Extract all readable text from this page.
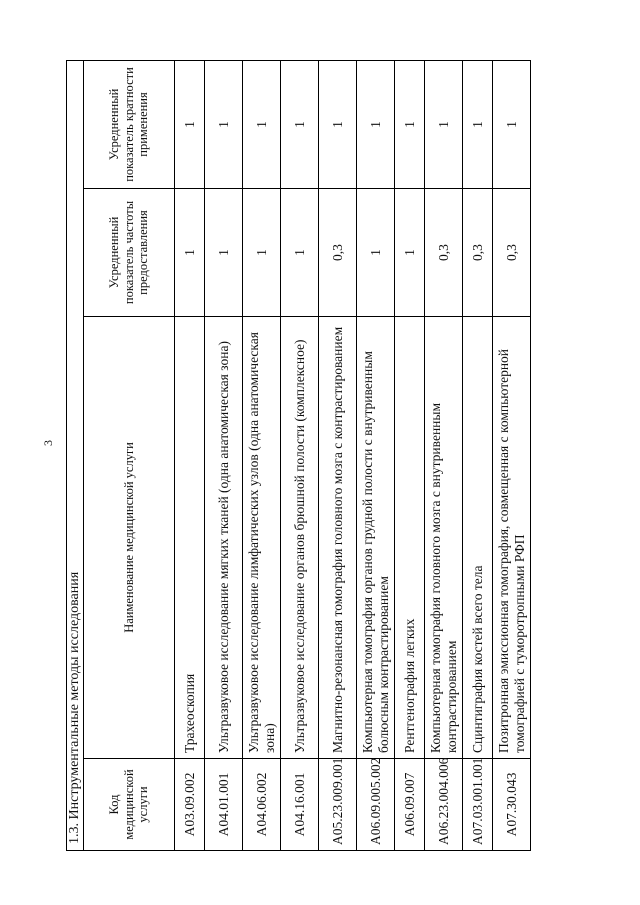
3
1.3. Инструментальные методы исследования			
Код медицинской услуги	Наименование медицинской услуги	Усредненный показатель частоты предоставления	Усредненный показатель кратности применения
A03.09.002	Трахеоскопия	1	1
A04.01.001	Ультразвуковое исследование мягких тканей (одна анатомическая зона)	1	1
A04.06.002	Ультразвуковое исследование лимфатических узлов (одна анатомическая зона)	1	1
A04.16.001	Ультразвуковое исследование органов брюшной полости (комплексное)	1	1
A05.23.009.001	Магнитно-резонансная томография головного мозга с контрастированием	0,3	1
A06.09.005.002	Компьютерная томография органов грудной полости с внутривенным болюсным контрастированием	1	1
A06.09.007	Рентгенография легких	1	1
A06.23.004.006	Компьютерная томография головного мозга с внутривенным контрастированием	0,3	1
A07.03.001.001	Сцинтиграфия костей всего тела	0,3	1
A07.30.043	Позитронная эмиссионная томография, совмещенная с компьютерной томографией с туморотропными РФП	0,3	1
